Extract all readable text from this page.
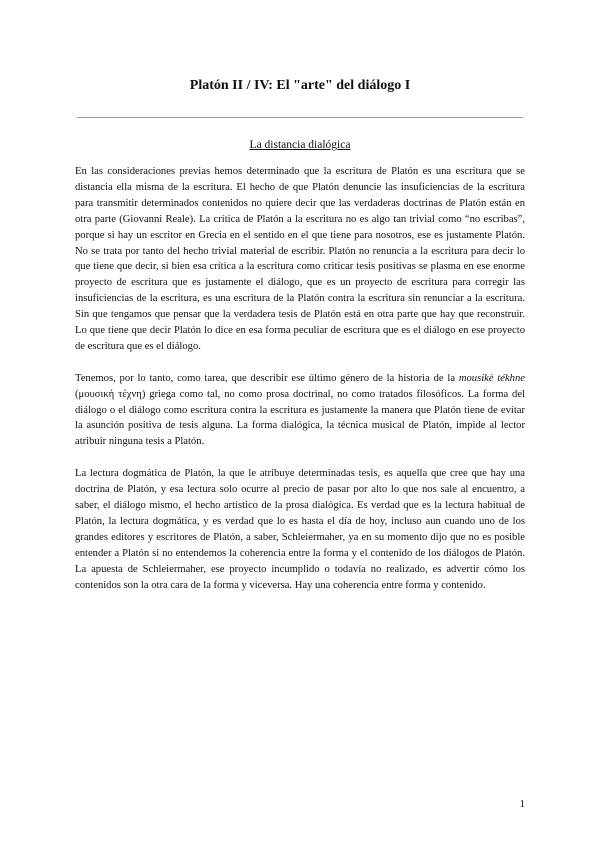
Platón II / IV: El "arte" del diálogo I
La distancia dialógica

En las consideraciones previas hemos determinado que la escritura de Platón es una escritura que se distancia ella misma de la escritura. El hecho de que Platón denuncie las insuficiencias de la escritura para transmitir determinados contenidos no quiere decir que las verdaderas doctrinas de Platón están en otra parte (Giovanni Reale). La crítica de Platón a la escritura no es algo tan trivial como “no escribas”, porque si hay un escritor en Grecia en el sentido en el que tiene para nosotros, ese es justamente Platón. No se trata por tanto del hecho trivial material de escribir. Platón no renuncia a la escritura para decir lo que tiene que decir, si bien esa crítica a la escritura como criticar tesis positivas se plasma en ese enorme proyecto de escritura que es justamente el diálogo, que es un proyecto de escritura para corregir las insuficiencias de la escritura, es una escritura de la Platón contra la escritura sin renunciar a la escritura. Sin que tengamos que pensar que la verdadera tesis de Platón está en otra parte que hay que reconstruir. Lo que tiene que decir Platón lo dice en esa forma peculiar de escritura que es el diálogo en ese proyecto de escritura que es el diálogo.

Tenemos, por lo tanto, como tarea, que describir ese último género de la historia de la mousikè tékhne (μουσική τέχνη) griega como tal, no como prosa doctrinal, no como tratados filosóficos. La forma del diálogo o el diálogo como escritura contra la escritura es justamente la manera que Platón tiene de evitar la asunción positiva de tesis alguna. La forma dialógica, la técnica musical de Platón, impide al lector atribuir ninguna tesis a Platón.

La lectura dogmática de Platón, la que le atribuye determinadas tesis, es aquella que cree que hay una doctrina de Platón, y esa lectura solo ocurre al precio de pasar por alto lo que nos sale al encuentro, a saber, el diálogo mismo, el hecho artístico de la prosa dialógica. Es verdad que es la lectura habitual de Platón, la lectura dogmática, y es verdad que lo es hasta el día de hoy, incluso aun cuando uno de los grandes editores y escritores de Platón, a saber, Schleiermaher, ya en su momento dijo que no es posible entender a Platón si no entendemos la coherencia entre la forma y el contenido de los diálogos de Platón. La apuesta de Schleiermaher, ese proyecto incumplido o todavía no realizado, es advertir cómo los contenidos son la otra cara de la forma y viceversa. Hay una coherencia entre forma y contenido.

1
